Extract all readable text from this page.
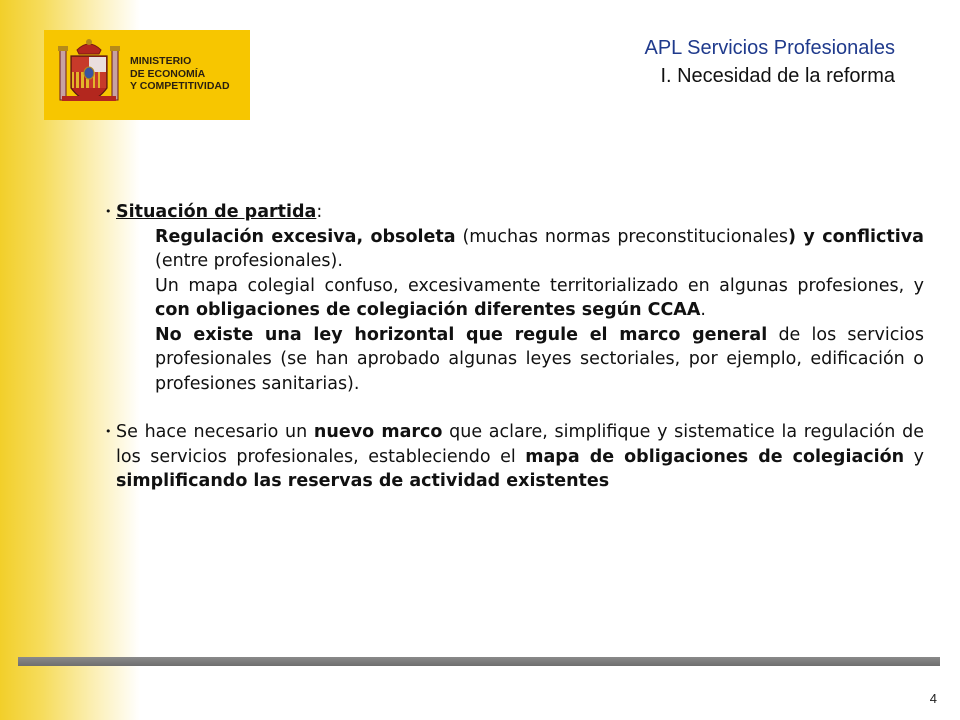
MINISTERIO
DE ECONOMÍA
Y COMPETITIVIDAD
APL Servicios Profesionales
I. Necesidad de la reforma
• Situación de partida:
Regulación excesiva, obsoleta (muchas normas preconstitucionales) y conflictiva (entre profesionales).
Un mapa colegial confuso, excesivamente territorializado en algunas profesiones, y con obligaciones de colegiación diferentes según CCAA.
No existe una ley horizontal que regule el marco general de los servicios profesionales (se han aprobado algunas leyes sectoriales, por ejemplo, edificación o profesiones sanitarias).
• Se hace necesario un nuevo marco que aclare, simplifique y sistematice la regulación de los servicios profesionales, estableciendo el mapa de obligaciones de colegiación y simplificando las reservas de actividad existentes
4
